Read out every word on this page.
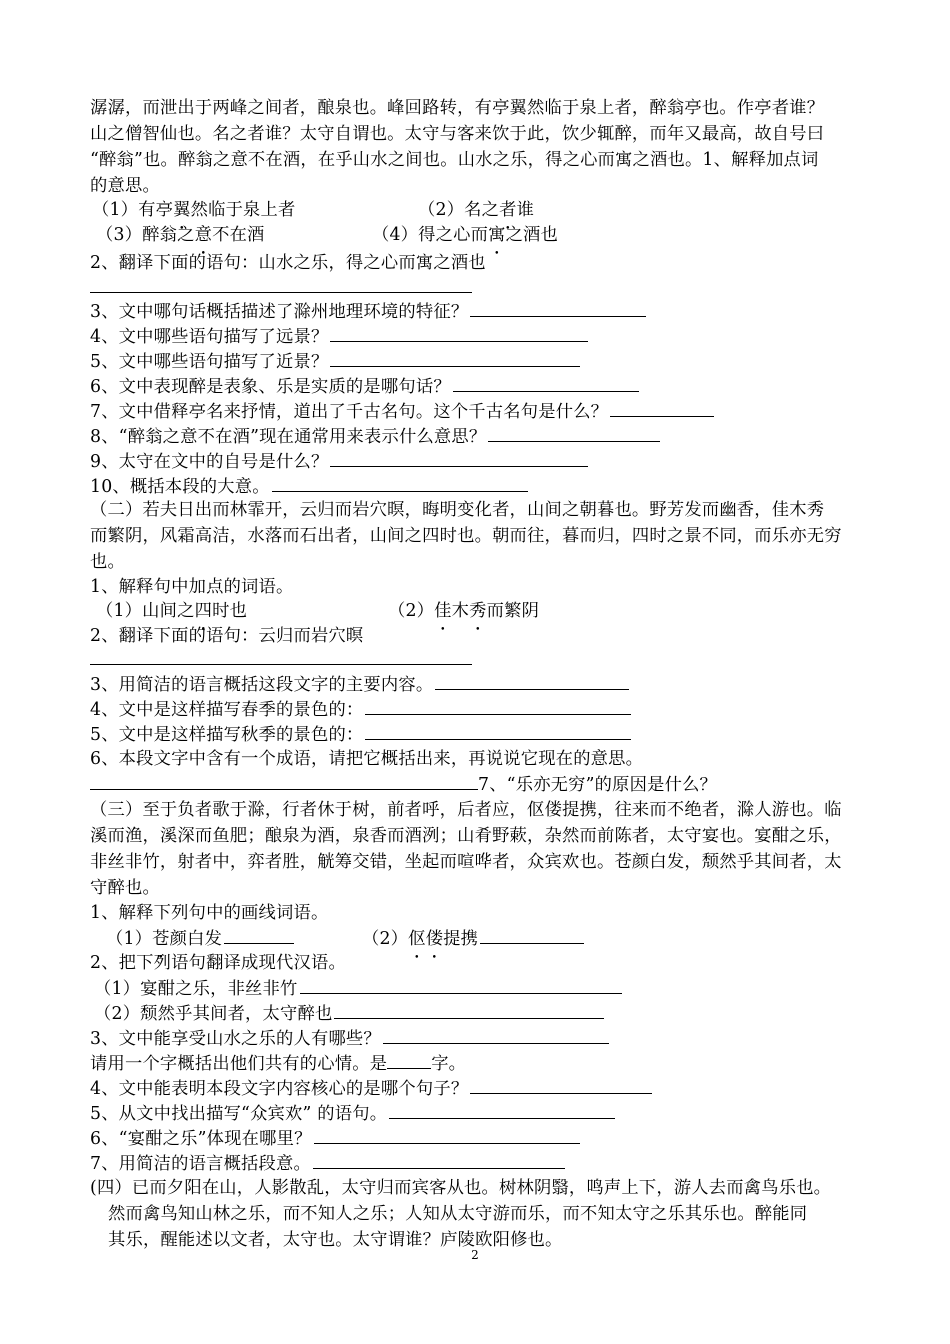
潺潺，而泄出于两峰之间者，酿泉也。峰回路转，有亭翼然临于泉上者，醉翁亭也。作亭者谁？
山之僧智仙也。名之者谁？太守自谓也。太守与客来饮于此，饮少辄醉，而年又最高，故自号曰
“醉翁”也。醉翁之意不在酒，在乎山水之间也。山水之乐，得之心而寓之酒也。1、解释加点词
的意思。
（1）有亭翼然临于泉上者	（2）名之者谁
（3）醉翁之意不在酒	（4）得之心而寓之酒也
2、翻译下面的语句：山水之乐，得之心而寓之酒也
3、文中哪句话概括描述了滁州地理环境的特征？
4、文中哪些语句描写了远景？
5、文中哪些语句描写了近景？
6、文中表现醉是表象、乐是实质的是哪句话？
7、文中借释亭名来抒情，道出了千古名句。这个千古名句是什么？
8、“醉翁之意不在酒”现在通常用来表示什么意思？
9、太守在文中的自号是什么？
10、概括本段的大意。
（二）若夫日出而林霏开，云归而岩穴暝，晦明变化者，山间之朝暮也。野芳发而幽香，佳木秀
而繁阴，风霜高洁，水落而石出者，山间之四时也。朝而往，暮而归，四时之景不同，而乐亦无穷
也。
1、解释句中加点的词语。
（1）山间之四时也	（2）佳木秀而繁阴
2、翻译下面的语句：云归而岩穴暝
3、用简洁的语言概括这段文字的主要内容。
4、文中是这样描写春季的景色的：
5、文中是这样描写秋季的景色的：
6、本段文字中含有一个成语，请把它概括出来，再说说它现在的意思。
7、“乐亦无穷”的原因是什么？
（三）至于负者歌于滁，行者休于树，前者呼，后者应，伛偻提携，往来而不绝者，滁人游也。临
溪而渔，溪深而鱼肥；酿泉为酒，泉香而酒洌；山肴野蔌，杂然而前陈者，太守宴也。宴酣之乐，
非丝非竹，射者中，弈者胜，觥筹交错，坐起而喧哗者，众宾欢也。苍颜白发，颓然乎其间者，太
守醉也。
1、解释下列句中的画线词语。
（1）苍颜白发	（2）伛偻提携
2、把下列语句翻译成现代汉语。
（1）宴酣之乐，非丝非竹
（2）颓然乎其间者，太守醉也
3、文中能享受山水之乐的人有哪些？
请用一个字概括出他们共有的心情。是	字。
4、文中能表明本段文字内容核心的是哪个句子？
5、从文中找出描写“众宾欢” 的语句。
6、“宴酣之乐”体现在哪里？
7、用简洁的语言概括段意。
(四）已而夕阳在山，人影散乱，太守归而宾客从也。树林阴翳，鸣声上下，游人去而禽鸟乐也。
然而禽鸟知山林之乐，而不知人之乐；人知从太守游而乐，而不知太守之乐其乐也。醉能同
其乐，醒能述以文者，太守也。太守谓谁？庐陵欧阳修也。
2
